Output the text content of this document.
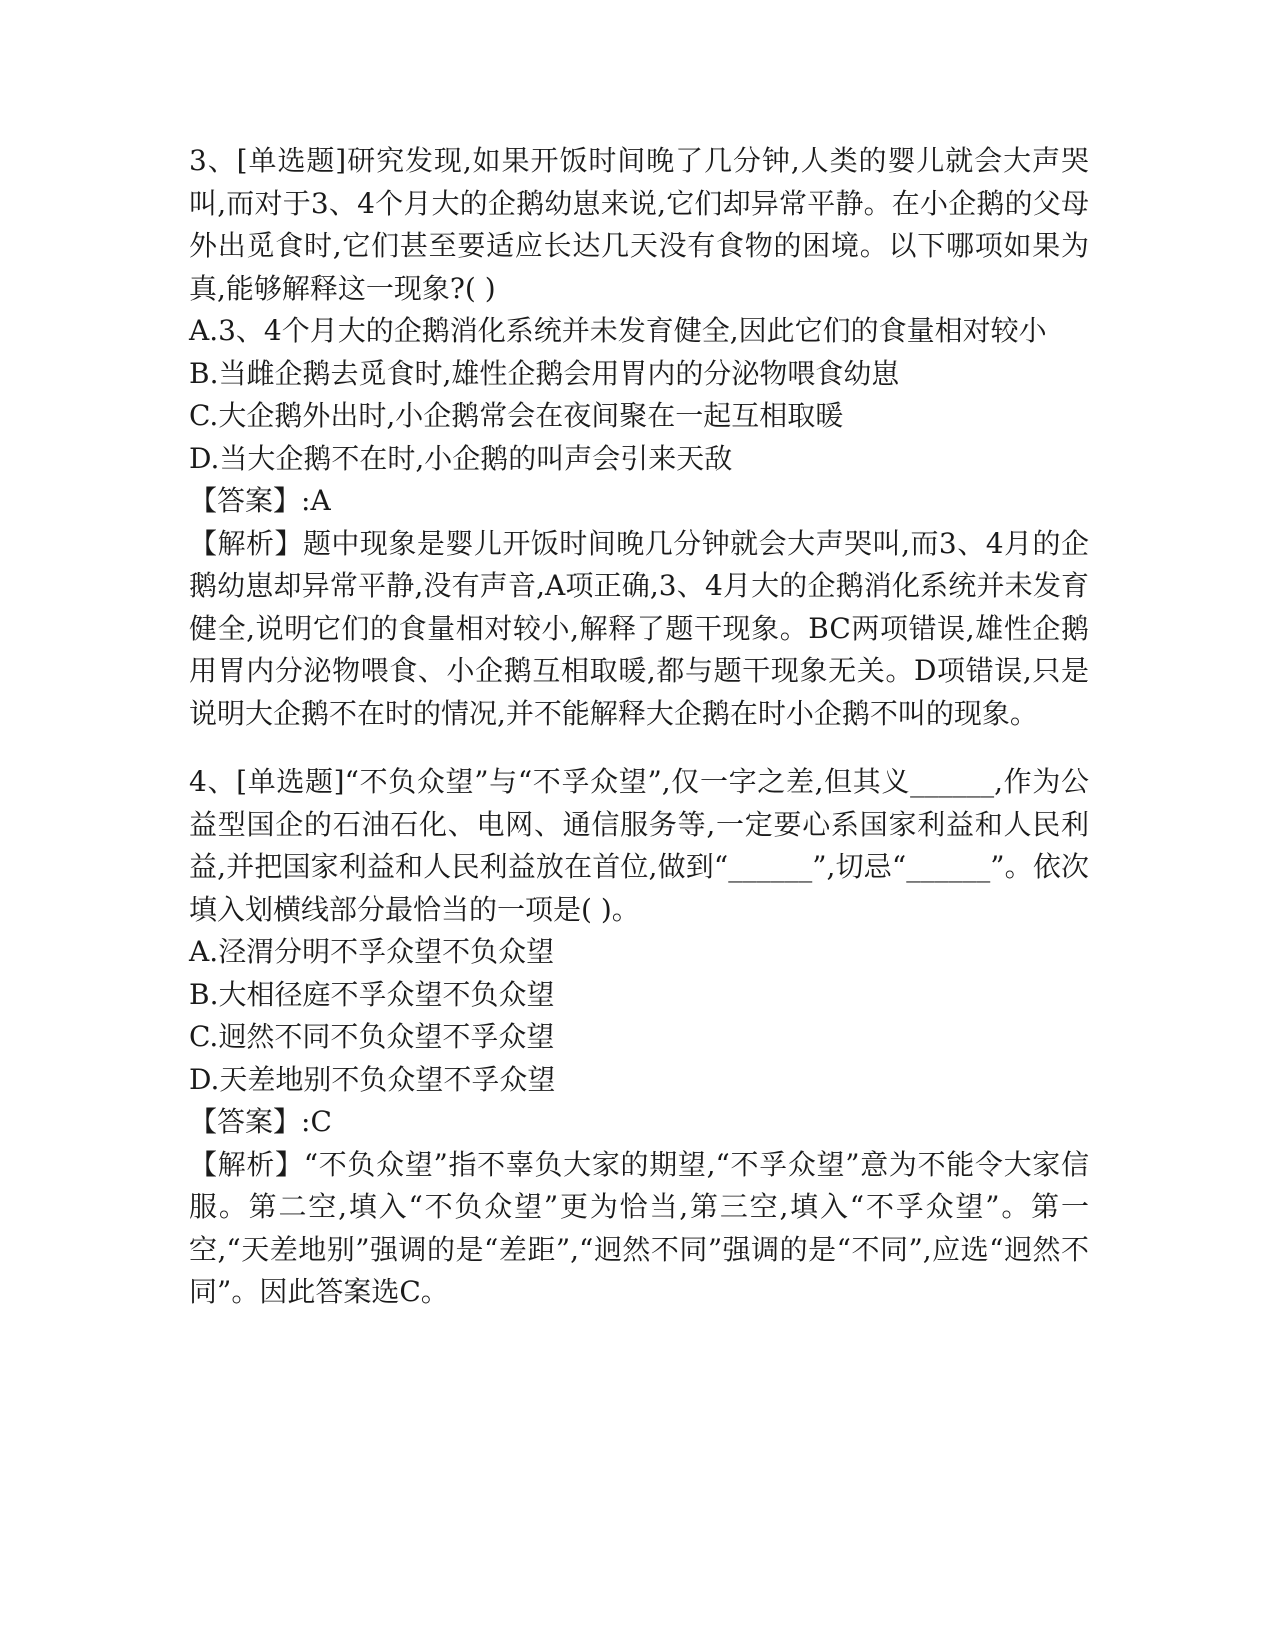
3、[单选题]研究发现,如果开饭时间晚了几分钟,人类的婴儿就会大声哭叫,而对于3、4个月大的企鹅幼崽来说,它们却异常平静。在小企鹅的父母外出觅食时,它们甚至要适应长达几天没有食物的困境。以下哪项如果为真,能够解释这一现象?( )

A.3、4个月大的企鹅消化系统并未发育健全,因此它们的食量相对较小

B.当雌企鹅去觅食时,雄性企鹅会用胃内的分泌物喂食幼崽

C.大企鹅外出时,小企鹅常会在夜间聚在一起互相取暖

D.当大企鹅不在时,小企鹅的叫声会引来天敌

【答案】:A

【解析】题中现象是婴儿开饭时间晚几分钟就会大声哭叫,而3、4月的企鹅幼崽却异常平静,没有声音,A项正确,3、4月大的企鹅消化系统并未发育健全,说明它们的食量相对较小,解释了题干现象。BC两项错误,雄性企鹅用胃内分泌物喂食、小企鹅互相取暖,都与题干现象无关。D项错误,只是说明大企鹅不在时的情况,并不能解释大企鹅在时小企鹅不叫的现象。

4、[单选题]“不负众望”与“不孚众望”,仅一字之差,但其义______,作为公益型国企的石油石化、电网、通信服务等,一定要心系国家利益和人民利益,并把国家利益和人民利益放在首位,做到“______”,切忌“______”。依次填入划横线部分最恰当的一项是( )。

A.泾渭分明不孚众望不负众望

B.大相径庭不孚众望不负众望

C.迥然不同不负众望不孚众望

D.天差地别不负众望不孚众望

【答案】:C

【解析】“不负众望”指不辜负大家的期望,“不孚众望”意为不能令大家信服。第二空,填入“不负众望”更为恰当,第三空,填入“不孚众望”。第一空,“天差地别”强调的是“差距”,“迥然不同”强调的是“不同”,应选“迥然不同”。因此答案选C。
